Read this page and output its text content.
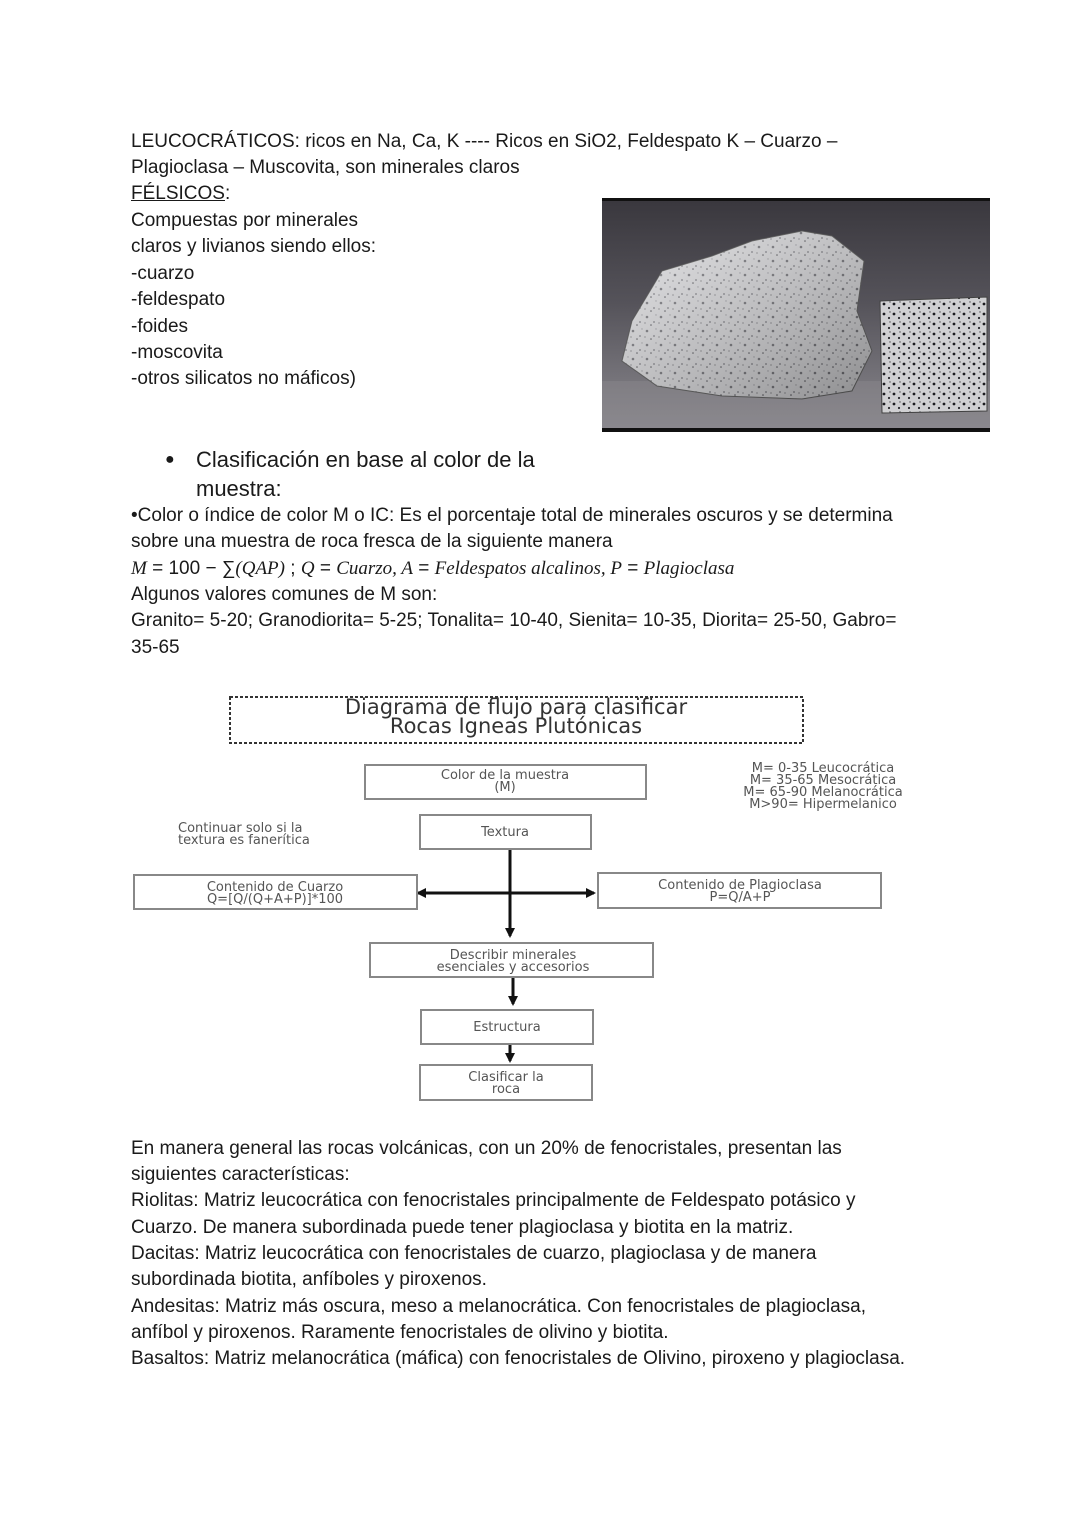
LEUCOCRÁTICOS: ricos en Na, Ca, K ---- Ricos en SiO2, Feldespato K – Cuarzo –
Plagioclasa – Muscovita, son minerales claros
FÉLSICOS:
Compuestas por minerales
claros y livianos siendo ellos:
-cuarzo
-feldespato
-foides
-moscovita
-otros silicatos no máficos)
● Clasificación en base al color de la
muestra:
•Color o índice de color M o IC: Es el porcentaje total de minerales oscuros y se determina
sobre una muestra de roca fresca de la siguiente manera
M = 100 − ∑(QAP) ; Q = Cuarzo, A = Feldespatos alcalinos, P = Plagioclasa
Algunos valores comunes de M son:
Granito= 5-20; Granodiorita= 5-25; Tonalita= 10-40, Sienita= 10-35, Diorita= 25-50, Gabro=
35-65
Diagrama de flujo para clasificar
Rocas Igneas Plutónicas
Color de la muestra
(M)
M= 0-35 Leucocrática
M= 35-65 Mesocrática
M= 65-90 Melanocrática
M>90= Hipermelanico
Continuar solo si la
textura es fanerítica
Textura
Contenido de Cuarzo
Q=[Q/(Q+A+P)]*100
Contenido de Plagioclasa
P=Q/A+P
Describir minerales
esenciales y accesorios
Estructura
Clasificar la
roca
En manera general las rocas volcánicas, con un 20% de fenocristales, presentan las
siguientes características:
Riolitas: Matriz leucocrática con fenocristales principalmente de Feldespato potásico y
Cuarzo. De manera subordinada puede tener plagioclasa y biotita en la matriz.
Dacitas: Matriz leucocrática con fenocristales de cuarzo, plagioclasa y de manera
subordinada biotita, anfíboles y piroxenos.
Andesitas: Matriz más oscura, meso a melanocrática. Con fenocristales de plagioclasa,
anfíbol y piroxenos. Raramente fenocristales de olivino y biotita.
Basaltos: Matriz melanocrática (máfica) con fenocristales de Olivino, piroxeno y plagioclasa.
